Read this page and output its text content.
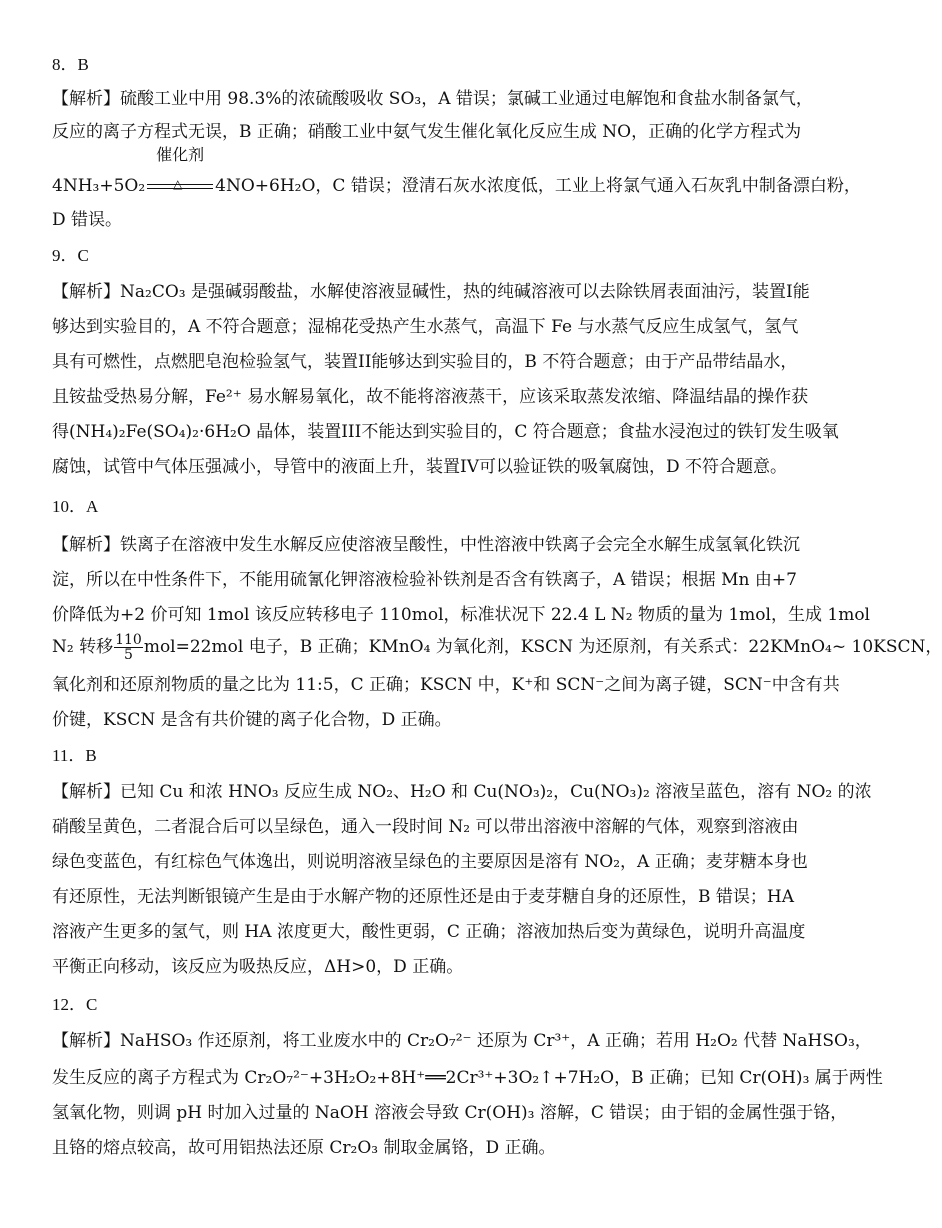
8．B
【解析】硫酸工业中用 98.3%的浓硫酸吸收 SO₃，A 错误；氯碱工业通过电解饱和食盐水制备氯气，
反应的离子方程式无误，B 正确；硝酸工业中氨气发生催化氧化反应生成 NO，正确的化学方程式为
4NH₃+5O₂
催化剂
△ 4NO+6H₂O，C 错误；澄清石灰水浓度低，工业上将氯气通入石灰乳中制备漂白粉，
D 错误。
9．C
【解析】Na₂CO₃ 是强碱弱酸盐，水解使溶液显碱性，热的纯碱溶液可以去除铁屑表面油污，装置I能
够达到实验目的，A 不符合题意；湿棉花受热产生水蒸气，高温下 Fe 与水蒸气反应生成氢气，氢气
具有可燃性，点燃肥皂泡检验氢气，装置II能够达到实验目的，B 不符合题意；由于产品带结晶水，
且铵盐受热易分解，Fe²⁺ 易水解易氧化，故不能将溶液蒸干，应该采取蒸发浓缩、降温结晶的操作获
得(NH₄)₂Fe(SO₄)₂·6H₂O 晶体，装置III不能达到实验目的，C 符合题意；食盐水浸泡过的铁钉发生吸氧
腐蚀，试管中气体压强减小，导管中的液面上升，装置IV可以验证铁的吸氧腐蚀，D 不符合题意。
10．A
【解析】铁离子在溶液中发生水解反应使溶液呈酸性，中性溶液中铁离子会完全水解生成氢氧化铁沉
淀，所以在中性条件下，不能用硫氰化钾溶液检验补铁剂是否含有铁离子，A 错误；根据 Mn 由+7
价降低为+2 价可知 1mol 该反应转移电子 110mol，标准状况下 22.4 L N₂ 物质的量为 1mol，生成 1mol
N₂ 转移 $\frac{110}{5} mol=22mol$ 电子，B 正确；KMnO₄ 为氧化剂，KSCN 为还原剂，有关系式：22KMnO₄~ 10KSCN，
氧化剂和还原剂物质的量之比为 11:5，C 正确；KSCN 中，K⁺和 SCN⁻之间为离子键，SCN⁻中含有共
价键，KSCN 是含有共价键的离子化合物，D 正确。
11．B
【解析】已知 Cu 和浓 HNO₃ 反应生成 NO₂、H₂O 和 Cu(NO₃)₂，Cu(NO₃)₂ 溶液呈蓝色，溶有 NO₂ 的浓
硝酸呈黄色，二者混合后可以呈绿色，通入一段时间 N₂ 可以带出溶液中溶解的气体，观察到溶液由
绿色变蓝色，有红棕色气体逸出，则说明溶液呈绿色的主要原因是溶有 NO₂，A 正确；麦芽糖本身也
有还原性，无法判断银镜产生是由于水解产物的还原性还是由于麦芽糖自身的还原性，B 错误；HA
溶液产生更多的氢气，则 HA 浓度更大，酸性更弱，C 正确；溶液加热后变为黄绿色，说明升高温度
平衡正向移动，该反应为吸热反应，ΔH>0，D 正确。
12．C
【解析】NaHSO₃ 作还原剂，将工业废水中的 Cr₂O₇²⁻ 还原为 Cr³⁺，A 正确；若用 H₂O₂ 代替 NaHSO₃，
发生反应的离子方程式为 Cr₂O₇²⁻+3H₂O₂+8H⁺══2Cr³⁺+3O₂↑+7H₂O，B 正确；已知 Cr(OH)₃ 属于两性
氢氧化物，则调 pH 时加入过量的 NaOH 溶液会导致 Cr(OH)₃ 溶解，C 错误；由于铝的金属性强于铬，
且铬的熔点较高，故可用铝热法还原 Cr₂O₃ 制取金属铬，D 正确。
